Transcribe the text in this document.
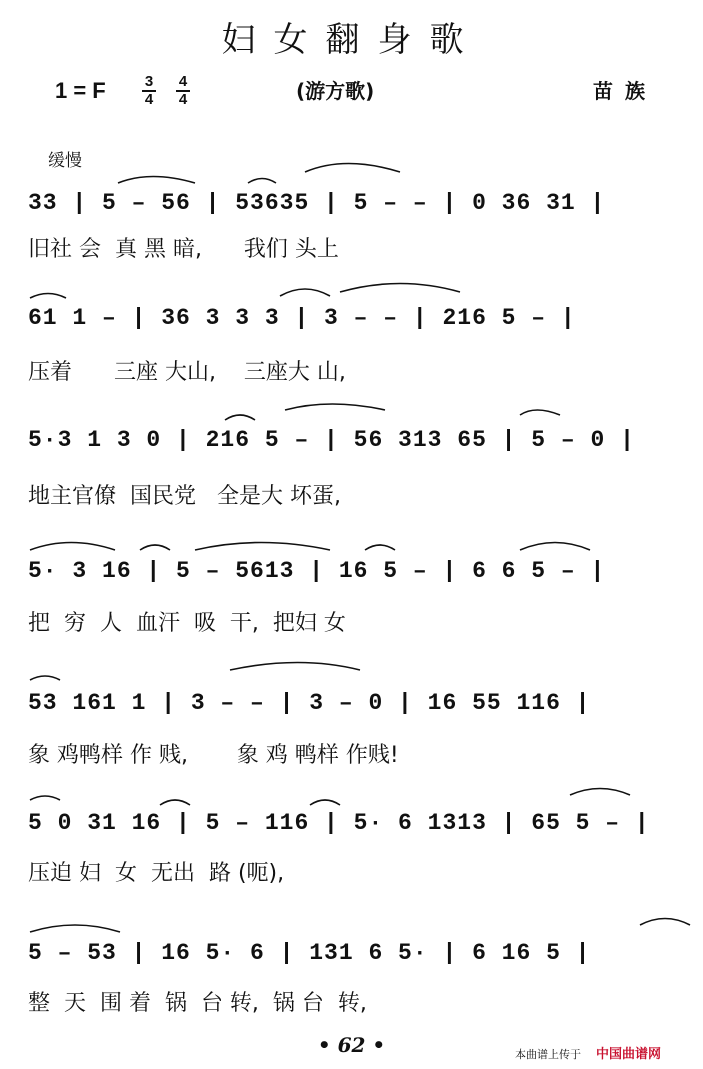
妇女翻身歌
1 = F $\frac{3}{4} \frac{4}{4}$	(游方歌)	苗族
缓慢
33 | 5 – 56 | 53635 | 5 – – | 0 36 31 |
旧社 会  真 黑 暗,      我们 头上
61 1 – | 36 3 3 3 | 3 – – | 216 5 – |
压着      三座 大山,    三座大 山,
5·3 1 3 0 | 216 5 – | 56 313 65 | 5 – 0 |
地主官僚  国民党   全是大 坏蛋,
5· 3 16 | 5 – 5613 | 16 5 – | 6 6 5 – |
把  穷  人  血汗  吸  干,  把妇 女
53 161 1 | 3 – – | 3 – 0 | 16 55 116 |
象 鸡鸭样 作 贱,       象 鸡 鸭样 作贱!
5 0 31 16 | 5 – 116 | 5· 6 1313 | 65 5 – |
压迫 妇  女  无出  路 (呃),
5 – 53 | 16 5· 6 | 131 6 5· | 6 16 5 |
整  天  围 着  锅  台 转,  锅 台  转,
• 62 •	本曲谱上传于 中国曲谱网
